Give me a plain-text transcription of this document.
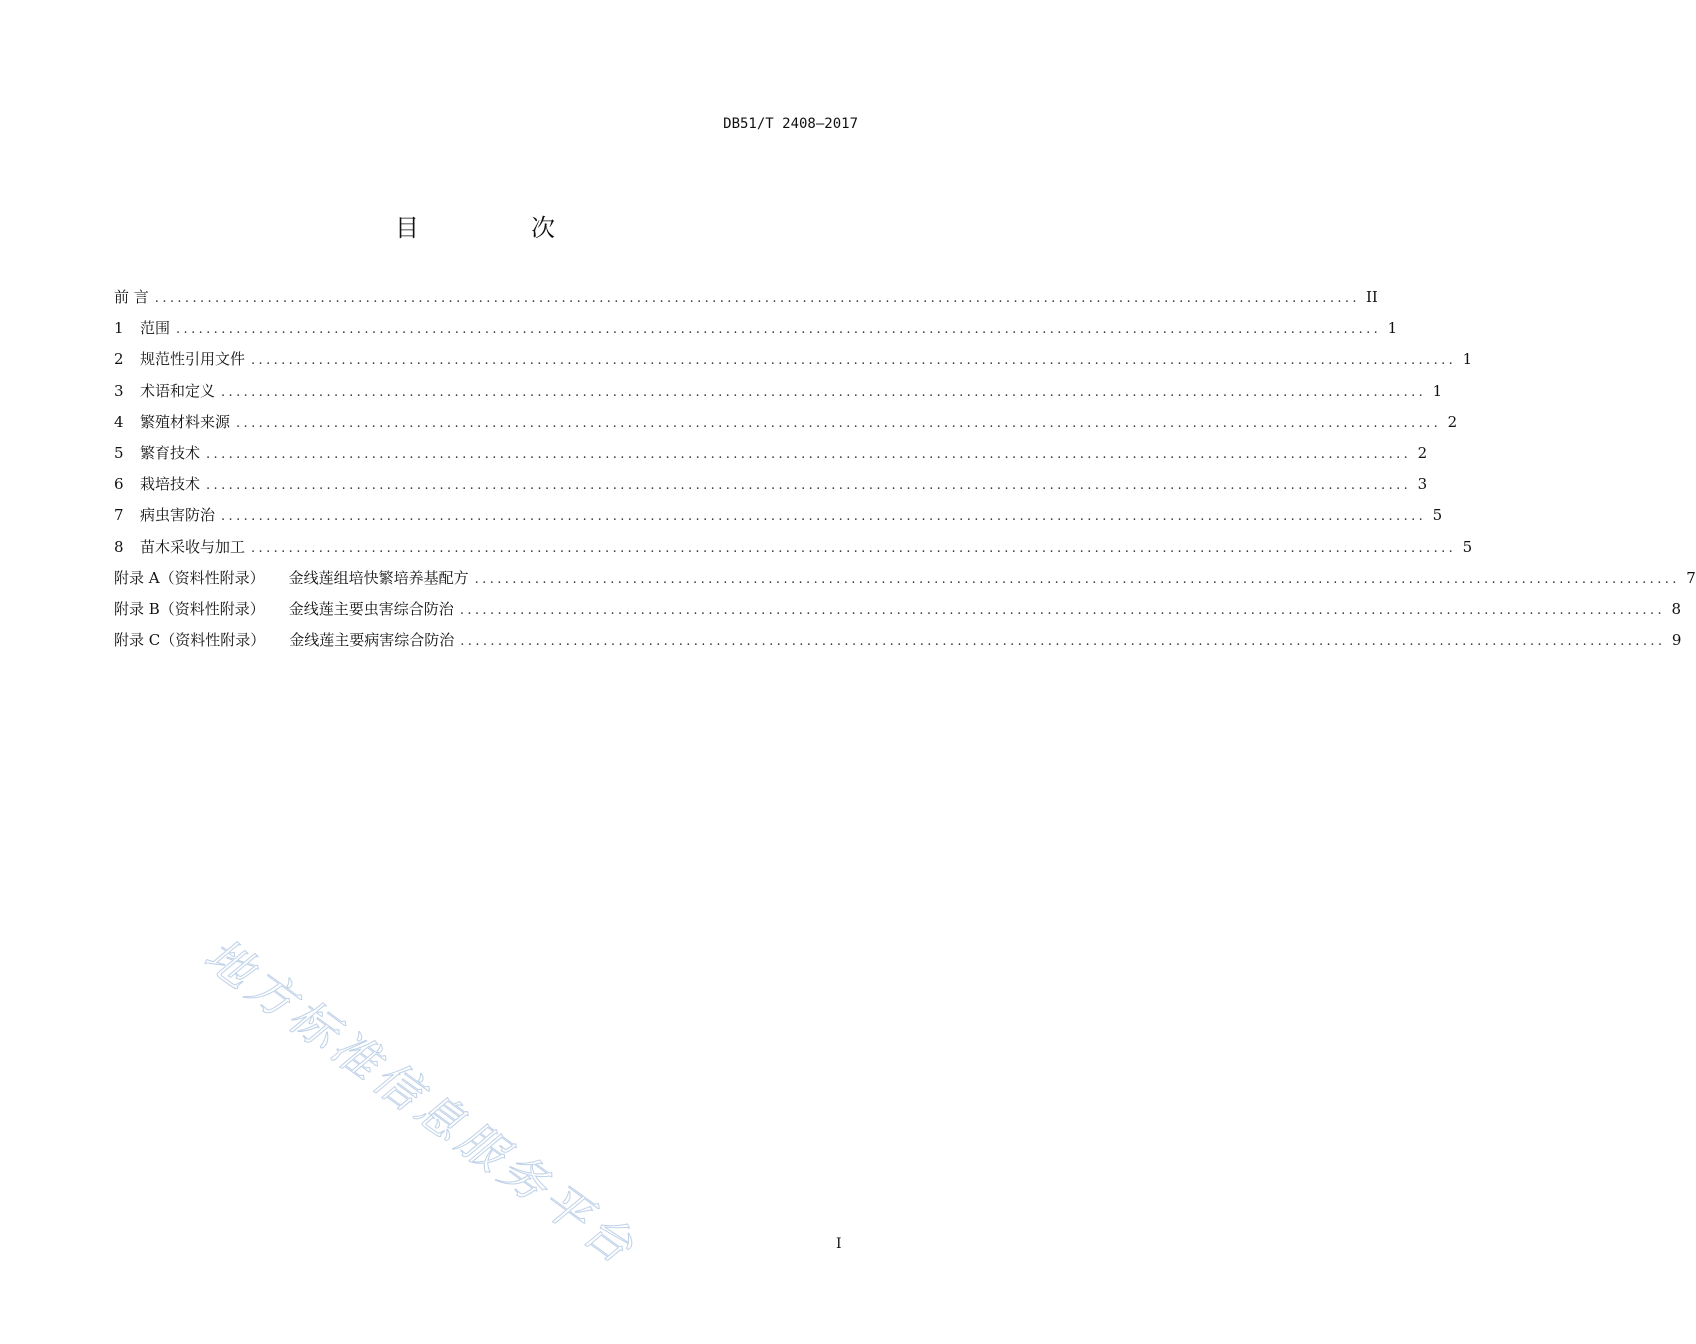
DB51/T 2408—2017
目　次
前 言 ................................................................................................................................................................ II
1	范围 ................................................................................................................................................................ 1
2	规范性引用文件 ................................................................................................................................................................ 1
3	术语和定义 ................................................................................................................................................................ 1
4	繁殖材料来源 ................................................................................................................................................................ 2
5	繁育技术 ................................................................................................................................................................ 2
6	栽培技术 ................................................................................................................................................................ 3
7	病虫害防治 ................................................................................................................................................................ 5
8	苗木采收与加工 ................................................................................................................................................................ 5
附录 A（资料性附录） 金线莲组培快繁培养基配方 ................................................................................................................................................................ 7
附录 B（资料性附录） 金线莲主要虫害综合防治 ................................................................................................................................................................ 8
附录 C（资料性附录） 金线莲主要病害综合防治 ................................................................................................................................................................ 9
I
地方标准信息服务平台
